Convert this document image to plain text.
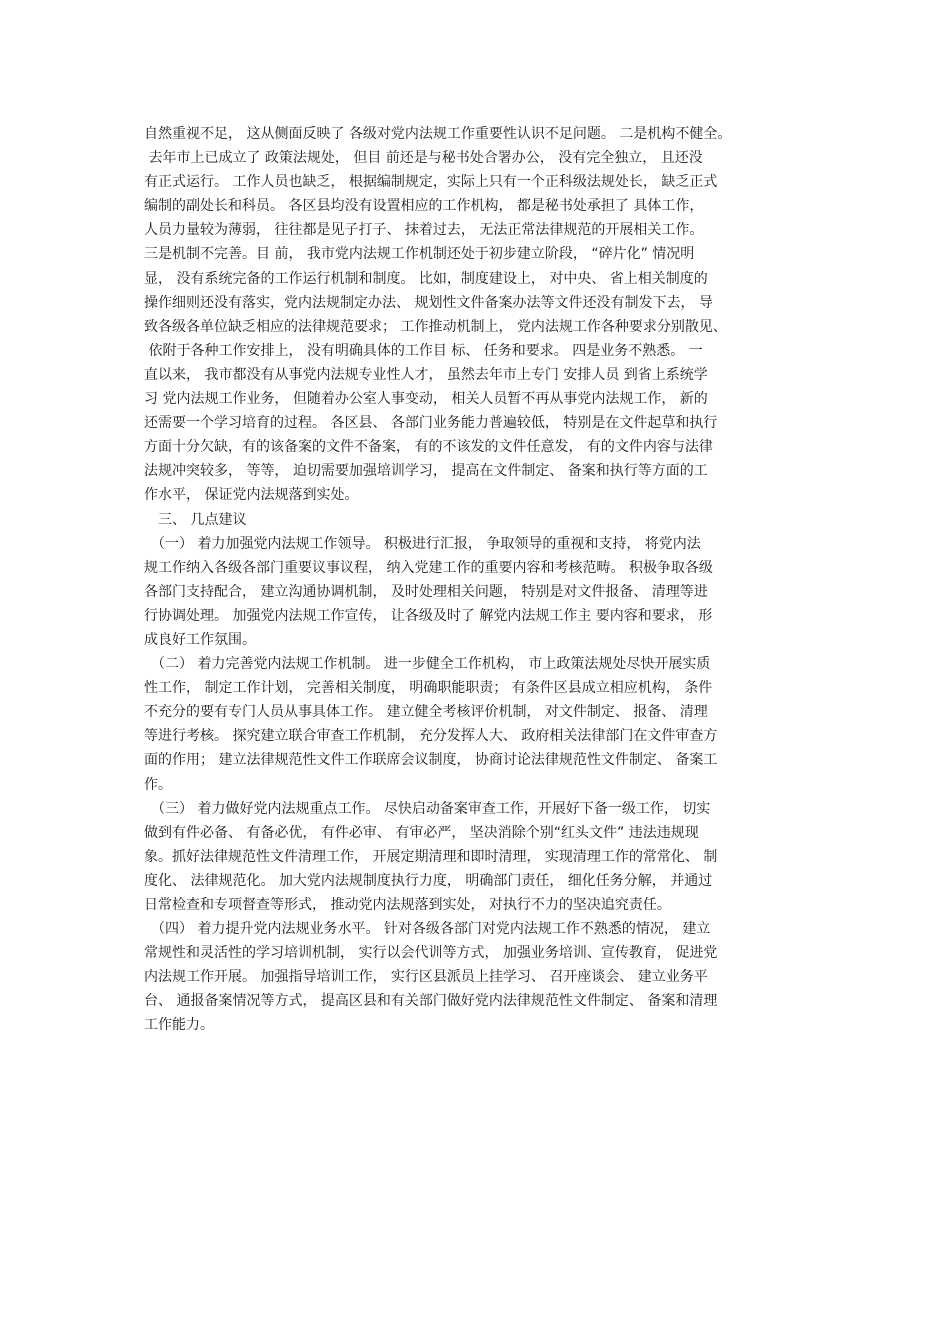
自然重视不足， 这从侧面反映了 各级对党内法规工作重要性认识不足问题。 二是机构不健全。
去年市上已成立了 政策法规处， 但目 前还是与秘书处合署办公， 没有完全独立， 且还没
有正式运行。 工作人员也缺乏， 根据编制规定，实际上只有一个正科级法规处长， 缺乏正式
编制的副处长和科员。 各区县均没有设置相应的工作机构， 都是秘书处承担了 具体工作，
人员力量较为薄弱， 往往都是见子打子、 抹着过去， 无法正常法律规范的开展相关工作。
三是机制不完善。目 前， 我市党内法规工作机制还处于初步建立阶段， “碎片化” 情况明
显， 没有系统完备的工作运行机制和制度。 比如，制度建设上， 对中央、 省上相关制度的
操作细则还没有落实，党内法规制定办法、 规划性文件备案办法等文件还没有制发下去， 导
致各级各单位缺乏相应的法律规范要求； 工作推动机制上， 党内法规工作各种要求分别散见、
依附于各种工作安排上， 没有明确具体的工作目 标、 任务和要求。 四是业务不熟悉。 一
直以来， 我市都没有从事党内法规专业性人才， 虽然去年市上专门 安排人员 到省上系统学
习 党内法规工作业务， 但随着办公室人事变动， 相关人员暂不再从事党内法规工作， 新的
还需要一个学习培育的过程。 各区县、 各部门业务能力普遍较低， 特别是在文件起草和执行
方面十分欠缺，有的该备案的文件不备案， 有的不该发的文件任意发， 有的文件内容与法律
法规冲突较多， 等等， 迫切需要加强培训学习， 提高在文件制定、 备案和执行等方面的工
作水平， 保证党内法规落到实处。
　三、 几点建议
　（一） 着力加强党内法规工作领导。 积极进行汇报， 争取领导的重视和支持， 将党内法
规工作纳入各级各部门重要议事议程， 纳入党建工作的重要内容和考核范畴。 积极争取各级
各部门支持配合， 建立沟通协调机制， 及时处理相关问题， 特别是对文件报备、 清理等进
行协调处理。 加强党内法规工作宣传， 让各级及时了 解党内法规工作主 要内容和要求， 形
成良好工作氛围。
　（二） 着力完善党内法规工作机制。 进一步健全工作机构， 市上政策法规处尽快开展实质
性工作， 制定工作计划， 完善相关制度， 明确职能职责； 有条件区县成立相应机构， 条件
不充分的要有专门人员从事具体工作。 建立健全考核评价机制， 对文件制定、 报备、 清理
等进行考核。 探究建立联合审查工作机制， 充分发挥人大、 政府相关法律部门在文件审查方
面的作用； 建立法律规范性文件工作联席会议制度， 协商讨论法律规范性文件制定、 备案工
作。
　（三） 着力做好党内法规重点工作。 尽快启动备案审查工作，开展好下备一级工作， 切实
做到有件必备、 有备必优， 有件必审、 有审必严， 坚决消除个别“红头文件” 违法违规现
象。抓好法律规范性文件清理工作， 开展定期清理和即时清理， 实现清理工作的常常化、 制
度化、 法律规范化。 加大党内法规制度执行力度， 明确部门责任， 细化任务分解， 并通过
日常检查和专项督查等形式， 推动党内法规落到实处， 对执行不力的坚决追究责任。
　（四） 着力提升党内法规业务水平。 针对各级各部门对党内法规工作不熟悉的情况， 建立
常规性和灵活性的学习培训机制， 实行以会代训等方式， 加强业务培训、宣传教育， 促进党
内法规工作开展。 加强指导培训工作， 实行区县派员上挂学习、 召开座谈会、 建立业务平
台、 通报备案情况等方式， 提高区县和有关部门做好党内法律规范性文件制定、 备案和清理
工作能力。
